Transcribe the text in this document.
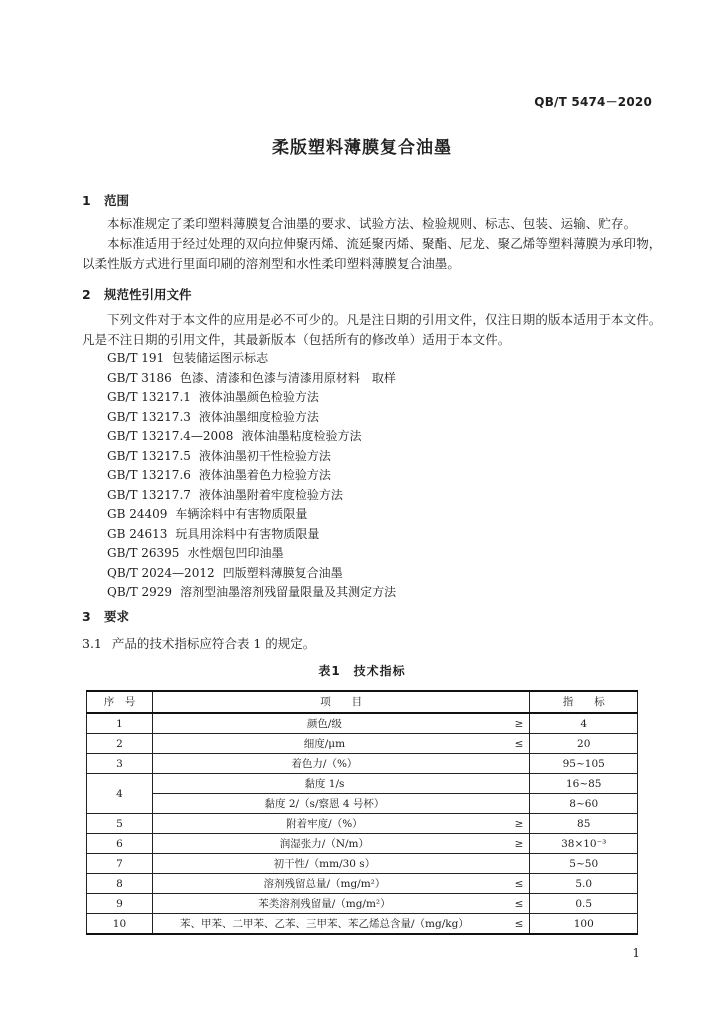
QB/T 5474－2020
柔版塑料薄膜复合油墨
1 范围
本标准规定了柔印塑料薄膜复合油墨的要求、试验方法、检验规则、标志、包装、运输、贮存。
本标准适用于经过处理的双向拉伸聚丙烯、流延聚丙烯、聚酯、尼龙、聚乙烯等塑料薄膜为承印物，以柔性版方式进行里面印刷的溶剂型和水性柔印塑料薄膜复合油墨。
2 规范性引用文件
下列文件对于本文件的应用是必不可少的。凡是注日期的引用文件，仅注日期的版本适用于本文件。凡是不注日期的引用文件，其最新版本（包括所有的修改单）适用于本文件。
GB/T 191 包装储运图示标志
GB/T 3186 色漆、清漆和色漆与清漆用原材料　取样
GB/T 13217.1 液体油墨颜色检验方法
GB/T 13217.3 液体油墨细度检验方法
GB/T 13217.4—2008 液体油墨粘度检验方法
GB/T 13217.5 液体油墨初干性检验方法
GB/T 13217.6 液体油墨着色力检验方法
GB/T 13217.7 液体油墨附着牢度检验方法
GB 24409 车辆涂料中有害物质限量
GB 24613 玩具用涂料中有害物质限量
GB/T 26395 水性烟包凹印油墨
QB/T 2024—2012 凹版塑料薄膜复合油墨
QB/T 2929 溶剂型油墨溶剂残留量限量及其测定方法
3 要求
3.1 产品的技术指标应符合表 1 的规定。
表1　技术指标
序　号	项　　目		指　　标
1	颜色/级	≥	4
2	细度/μm	≤	20
3	着色力/（%）		95~105
4	黏度 1/s		16~85
	黏度 2/（s/察恩 4 号杯）		8~60
5	附着牢度/（%）	≥	85
6	润湿张力/（N/m）	≥	38×10⁻³
7	初干性/（mm/30 s）		5~50
8	溶剂残留总量/（mg/m²）	≤	5.0
9	苯类溶剂残留量/（mg/m²）	≤	0.5
10	苯、甲苯、二甲苯、乙苯、三甲苯、苯乙烯总含量/（mg/kg）	≤	100
1
